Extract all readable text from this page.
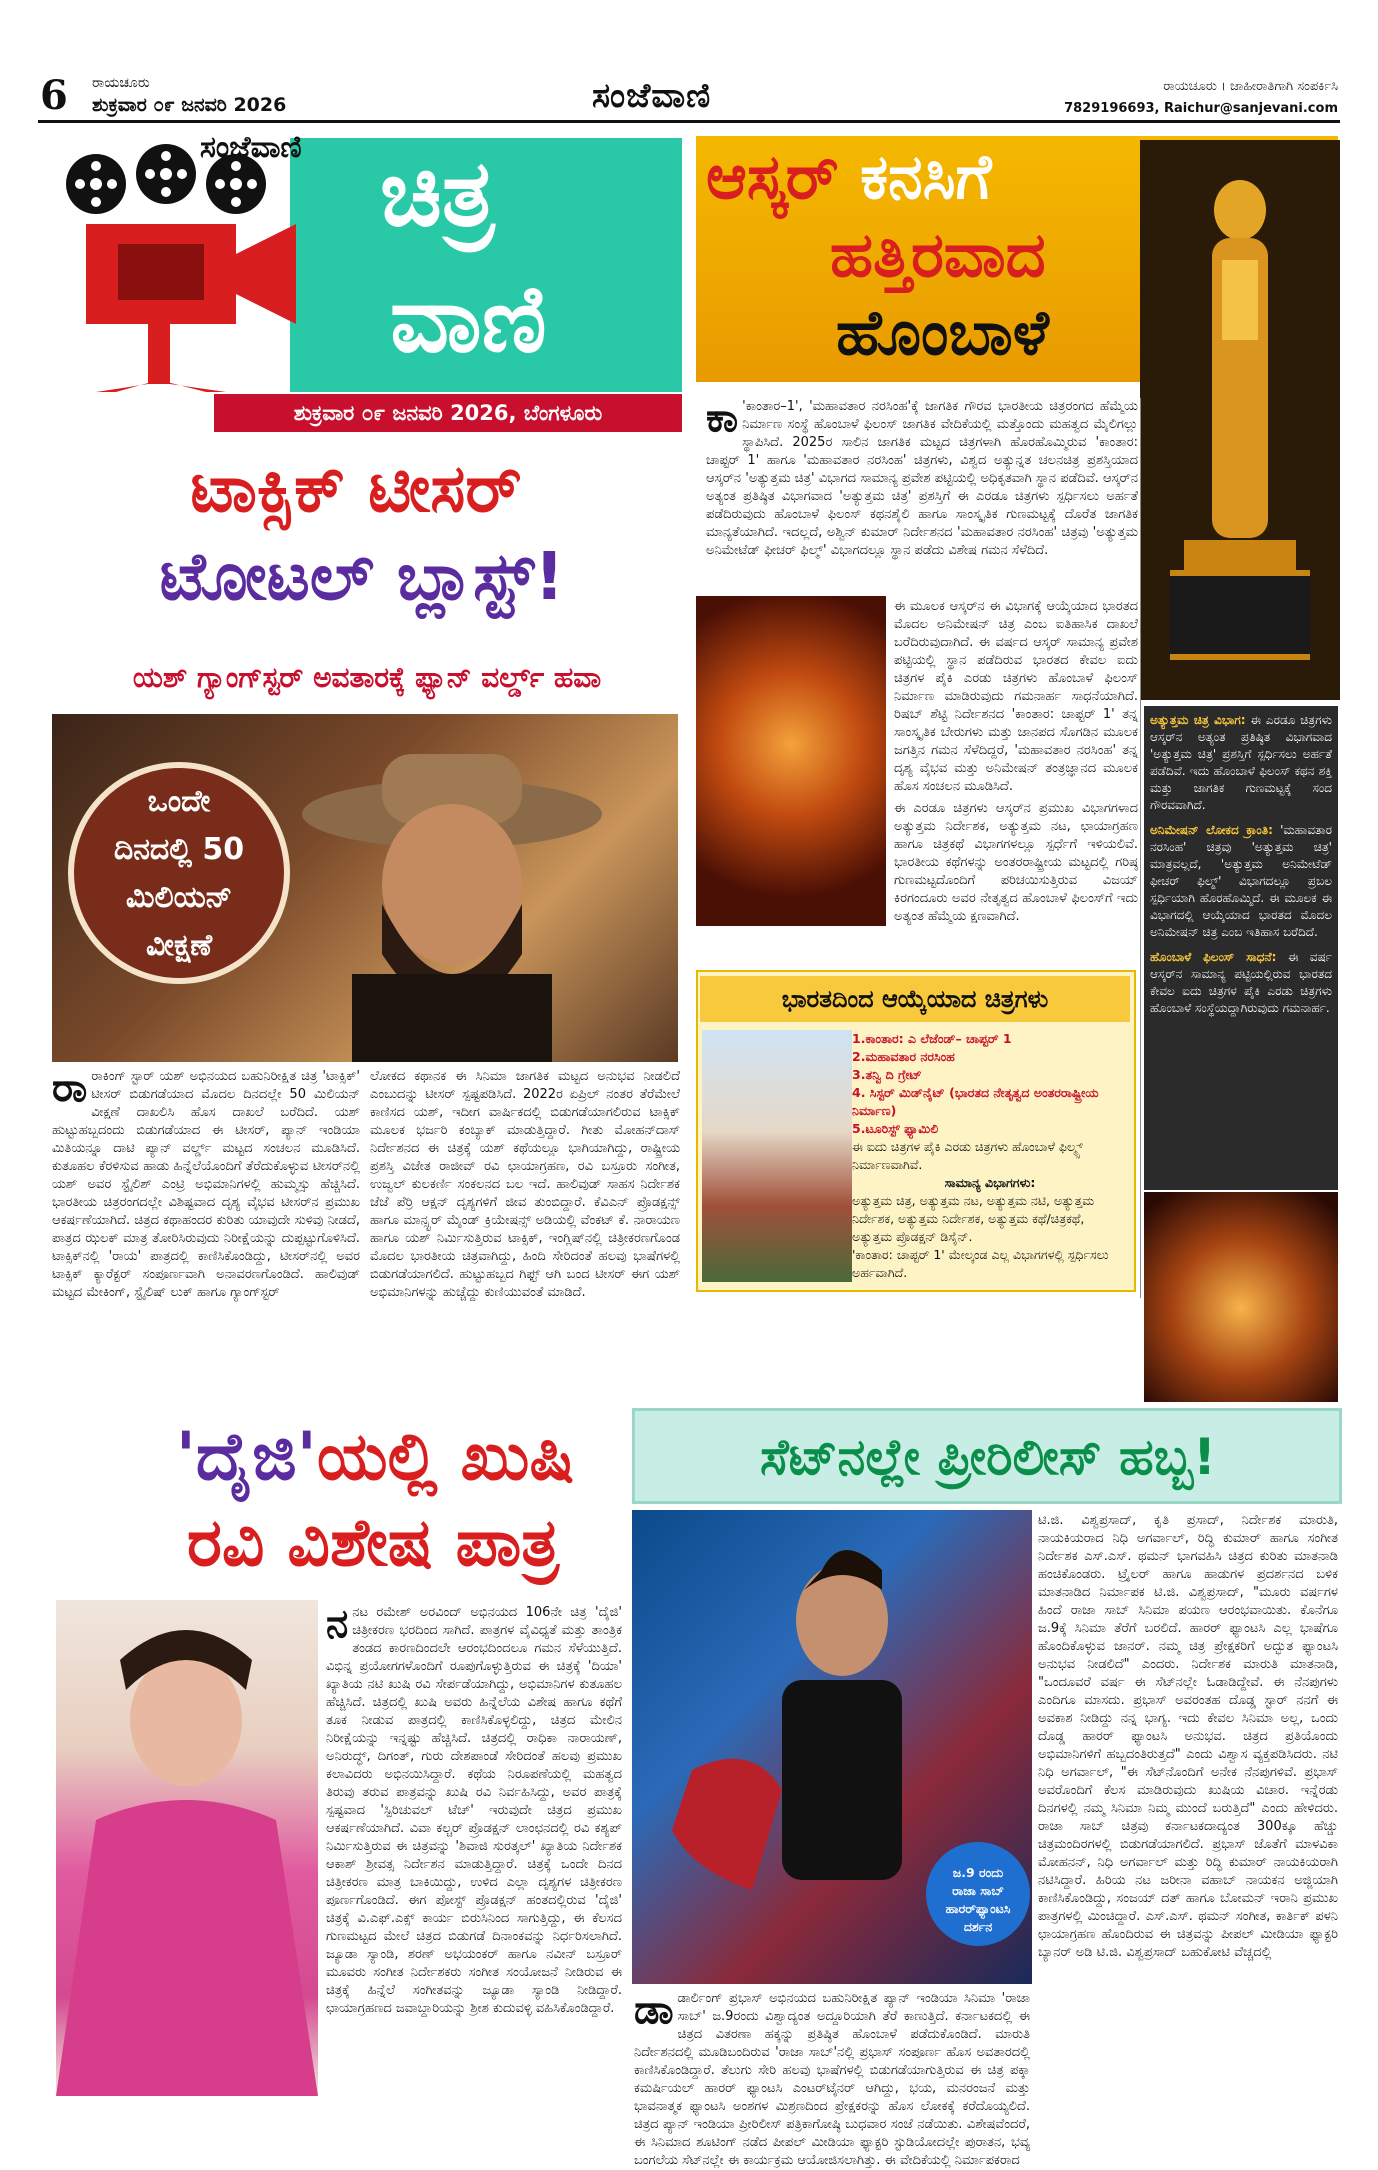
6 ರಾಯಚೂರು
ಶುಕ್ರವಾರ ೦೯ ಜನವರಿ 2026	ಸಂಜೆವಾಣಿ	ರಾಯಚೂರು । ಜಾಹೀರಾತಿಗಾಗಿ ಸಂಪರ್ಕಿಸಿ
7829196693, Raichur@sanjevani.com
ಸಂಜೆವಾಣಿ ಚಿತ್ರ
ವಾಣಿ
ಶುಕ್ರವಾರ ೦೯ ಜನವರಿ 2026, ಬೆಂಗಳೂರು
ಆಸ್ಕರ್ ಕನಸಿಗೆ
ಹತ್ತಿರವಾದ
ಹೊಂಬಾಳೆ
ಕಾ 'ಕಾಂತಾರ–1', 'ಮಹಾವತಾರ ನರಸಿಂಹ'ಕ್ಕೆ ಜಾಗತಿಕ ಗೌರವ ಭಾರತೀಯ ಚಿತ್ರರಂಗದ ಹೆಮ್ಮೆಯ ನಿರ್ಮಾಣ ಸಂಸ್ಥೆ ಹೊಂಬಾಳೆ ಫಿಲಂಸ್ ಜಾಗತಿಕ ವೇದಿಕೆಯಲ್ಲಿ ಮತ್ತೊಂದು ಮಹತ್ವದ ಮೈಲಿಗಲ್ಲು ಸ್ಥಾಪಿಸಿದೆ. 2025ರ ಸಾಲಿನ ಜಾಗತಿಕ ಮಟ್ಟದ ಚಿತ್ರಗಳಾಗಿ ಹೊರಹೊಮ್ಮಿರುವ 'ಕಾಂತಾರ: ಚಾಪ್ಟರ್ 1' ಹಾಗೂ 'ಮಹಾವತಾರ ನರಸಿಂಹ' ಚಿತ್ರಗಳು, ವಿಶ್ವದ ಅತ್ಯುನ್ನತ ಚಲನಚಿತ್ರ ಪ್ರಶಸ್ತಿಯಾದ ಆಸ್ಕರ್‌ನ 'ಅತ್ಯುತ್ತಮ ಚಿತ್ರ' ವಿಭಾಗದ ಸಾಮಾನ್ಯ ಪ್ರವೇಶ ಪಟ್ಟಿಯಲ್ಲಿ ಅಧಿಕೃತವಾಗಿ ಸ್ಥಾನ ಪಡೆದಿವೆ. ಆಸ್ಕರ್‌ನ ಅತ್ಯಂತ ಪ್ರತಿಷ್ಠಿತ ವಿಭಾಗವಾದ 'ಅತ್ಯುತ್ತಮ ಚಿತ್ರ' ಪ್ರಶಸ್ತಿಗೆ ಈ ಎರಡೂ ಚಿತ್ರಗಳು ಸ್ಪರ್ಧಿಸಲು ಅರ್ಹತೆ ಪಡೆದಿರುವುದು ಹೊಂಬಾಳೆ ಫಿಲಂಸ್ ಕಥನಶೈಲಿ ಹಾಗೂ ಸಾಂಸ್ಕೃತಿಕ ಗುಣಮಟ್ಟಕ್ಕೆ ದೊರೆತ ಜಾಗತಿಕ ಮಾನ್ಯತೆಯಾಗಿದೆ. ಇದಲ್ಲದೆ, ಅಶ್ವಿನ್ ಕುಮಾರ್ ನಿರ್ದೇಶನದ 'ಮಹಾವತಾರ ನರಸಿಂಹ' ಚಿತ್ರವು 'ಅತ್ಯುತ್ತಮ ಅನಿಮೇಟೆಡ್ ಫೀಚರ್ ಫಿಲ್ಮ್' ವಿಭಾಗದಲ್ಲೂ ಸ್ಥಾನ ಪಡೆದು ವಿಶೇಷ ಗಮನ ಸೆಳೆದಿದೆ.

ಈ ಮೂಲಕ ಆಸ್ಕರ್‌ನ ಈ ವಿಭಾಗಕ್ಕೆ ಆಯ್ಕೆಯಾದ ಭಾರತದ ಮೊದಲ ಅನಿಮೇಷನ್ ಚಿತ್ರ ಎಂಬ ಐತಿಹಾಸಿಕ ದಾಖಲೆ ಬರೆದಿರುವುದಾಗಿದೆ. ಈ ವರ್ಷದ ಆಸ್ಕರ್ ಸಾಮಾನ್ಯ ಪ್ರವೇಶ ಪಟ್ಟಿಯಲ್ಲಿ ಸ್ಥಾನ ಪಡೆದಿರುವ ಭಾರತದ ಕೇವಲ ಐದು ಚಿತ್ರಗಳ ಪೈಕಿ ಎರಡು ಚಿತ್ರಗಳು ಹೊಂಬಾಳೆ ಫಿಲಂಸ್ ನಿರ್ಮಾಣ ಮಾಡಿರುವುದು ಗಮನಾರ್ಹ ಸಾಧನೆಯಾಗಿದೆ. ರಿಷಬ್ ಶೆಟ್ಟಿ ನಿರ್ದೇಶನದ 'ಕಾಂತಾರ: ಚಾಪ್ಟರ್ 1' ತನ್ನ ಸಾಂಸ್ಕೃತಿಕ ಬೇರುಗಳು ಮತ್ತು ಜಾನಪದ ಸೊಗಡಿನ ಮೂಲಕ ಜಗತ್ತಿನ ಗಮನ ಸೆಳೆದಿದ್ದರೆ, 'ಮಹಾವತಾರ ನರಸಿಂಹ' ತನ್ನ ದೃಶ್ಯ ವೈಭವ ಮತ್ತು ಅನಿಮೇಷನ್ ತಂತ್ರಜ್ಞಾನದ ಮೂಲಕ ಹೊಸ ಸಂಚಲನ ಮೂಡಿಸಿದೆ.

ಈ ಎರಡೂ ಚಿತ್ರಗಳು ಆಸ್ಕರ್‌ನ ಪ್ರಮುಖ ವಿಭಾಗಗಳಾದ ಅತ್ಯುತ್ತಮ ನಿರ್ದೇಶಕ, ಅತ್ಯುತ್ತಮ ನಟ, ಛಾಯಾಗ್ರಹಣ ಹಾಗೂ ಚಿತ್ರಕಥೆ ವಿಭಾಗಗಳಲ್ಲೂ ಸ್ಪರ್ಧೆಗೆ ಇಳಿಯಲಿವೆ. ಭಾರತೀಯ ಕಥೆಗಳನ್ನು ಅಂತರರಾಷ್ಟ್ರೀಯ ಮಟ್ಟದಲ್ಲಿ ಗರಿಷ್ಠ ಗುಣಮಟ್ಟದೊಂದಿಗೆ ಪರಿಚಯಿಸುತ್ತಿರುವ ವಿಜಯ್ ಕಿರಗಂದೂರು ಅವರ ನೇತೃತ್ವದ ಹೊಂಬಾಳೆ ಫಿಲಂಸ್‌ಗೆ ಇದು ಅತ್ಯಂತ ಹೆಮ್ಮೆಯ ಕ್ಷಣವಾಗಿದೆ.

ಅತ್ಯುತ್ತಮ ಚಿತ್ರ ವಿಭಾಗ: ಈ ಎರಡೂ ಚಿತ್ರಗಳು ಆಸ್ಕರ್‌ನ ಅತ್ಯಂತ ಪ್ರತಿಷ್ಠಿತ ವಿಭಾಗವಾದ 'ಅತ್ಯುತ್ತಮ ಚಿತ್ರ' ಪ್ರಶಸ್ತಿಗೆ ಸ್ಪರ್ಧಿಸಲು ಅರ್ಹತೆ ಪಡೆದಿವೆ. ಇದು ಹೊಂಬಾಳೆ ಫಿಲಂಸ್ ಕಥನ ಶಕ್ತಿ ಮತ್ತು ಜಾಗತಿಕ ಗುಣಮಟ್ಟಕ್ಕೆ ಸಂದ ಗೌರವವಾಗಿದೆ.

ಅನಿಮೇಷನ್ ಲೋಕದ ಕ್ರಾಂತಿ: 'ಮಹಾವತಾರ ನರಸಿಂಹ' ಚಿತ್ರವು 'ಅತ್ಯುತ್ತಮ ಚಿತ್ರ' ಮಾತ್ರವಲ್ಲದೆ, 'ಅತ್ಯುತ್ತಮ ಅನಿಮೇಟೆಡ್ ಫೀಚರ್ ಫಿಲ್ಮ್' ವಿಭಾಗದಲ್ಲೂ ಪ್ರಬಲ ಸ್ಪರ್ಧಿಯಾಗಿ ಹೊರಹೊಮ್ಮಿದೆ. ಈ ಮೂಲಕ ಈ ವಿಭಾಗದಲ್ಲಿ ಆಯ್ಕೆಯಾದ ಭಾರತದ ಮೊದಲ ಅನಿಮೇಷನ್ ಚಿತ್ರ ಎಂಬ ಇತಿಹಾಸ ಬರೆದಿದೆ.

ಹೊಂಬಾಳೆ ಫಿಲಂಸ್ ಸಾಧನೆ: ಈ ವರ್ಷ ಆಸ್ಕರ್‌ನ ಸಾಮಾನ್ಯ ಪಟ್ಟಿಯಲ್ಲಿರುವ ಭಾರತದ ಕೇವಲ ಐದು ಚಿತ್ರಗಳ ಪೈಕಿ ಎರಡು ಚಿತ್ರಗಳು ಹೊಂಬಾಳೆ ಸಂಸ್ಥೆಯದ್ದಾಗಿರುವುದು ಗಮನಾರ್ಹ.

ಭಾರತದಿಂದ ಆಯ್ಕೆಯಾದ ಚಿತ್ರಗಳು
1.ಕಾಂತಾರ: ಎ ಲೆಜೆಂಡ್– ಚಾಪ್ಟರ್ 1
2.ಮಹಾವತಾರ ನರಸಿಂಹ
3.ತನ್ವಿ ದಿ ಗ್ರೇಟ್
4. ಸಿಸ್ಟರ್ ಮಿಡ್‌ನೈಟ್ (ಭಾರತದ ನೇತೃತ್ವದ ಅಂತರರಾಷ್ಟ್ರೀಯ ನಿರ್ಮಾಣ)
5.ಟೂರಿಸ್ಟ್ ಫ್ಯಾಮಿಲಿ
ಈ ಐದು ಚಿತ್ರಗಳ ಪೈಕಿ ಎರಡು ಚಿತ್ರಗಳು ಹೊಂಬಾಳೆ ಫಿಲ್ಮ್ಸ್ ನಿರ್ಮಾಣವಾಗಿವೆ.
ಸಾಮಾನ್ಯ ವಿಭಾಗಗಳು:
ಅತ್ಯುತ್ತಮ ಚಿತ್ರ, ಅತ್ಯುತ್ತಮ ನಟ, ಅತ್ಯುತ್ತಮ ನಟಿ, ಅತ್ಯುತ್ತಮ ನಿರ್ದೇಶಕ, ಅತ್ಯುತ್ತಮ ನಿರ್ದೇಶಕ, ಅತ್ಯುತ್ತಮ ಕಥೆ/ಚಿತ್ರಕಥೆ, ಅತ್ಯುತ್ತಮ ಪ್ರೊಡಕ್ಷನ್ ಡಿಸೈನ್.
'ಕಾಂತಾರ: ಚಾಪ್ಟರ್ 1' ಮೇಲ್ಕಂಡ ಎಲ್ಲ ವಿಭಾಗಗಳಲ್ಲಿ ಸ್ಪರ್ಧಿಸಲು ಅರ್ಹವಾಗಿದೆ.
ಟಾಕ್ಸಿಕ್ ಟೀಸರ್
ಟೋಟಲ್ ಬ್ಲಾಸ್ಟ್!
ಯಶ್ ಗ್ಯಾಂಗ್‌ಸ್ಟರ್ ಅವತಾರಕ್ಕೆ ಫ್ಯಾನ್ ವರ್ಲ್ಡ್ ಹವಾ
ಒಂದೇ
ದಿನದಲ್ಲಿ 50
ಮಿಲಿಯನ್
ವೀಕ್ಷಣೆ
ರಾರಾಕಿಂಗ್ ಸ್ಟಾರ್ ಯಶ್ ಅಭಿನಯದ ಬಹುನಿರೀಕ್ಷಿತ ಚಿತ್ರ 'ಟಾಕ್ಸಿಕ್' ಟೀಸರ್ ಬಿಡುಗಡೆಯಾದ ಮೊದಲ ದಿನದಲ್ಲೇ 50 ಮಿಲಿಯನ್ ವೀಕ್ಷಣೆ ದಾಖಲಿಸಿ ಹೊಸ ದಾಖಲೆ ಬರೆದಿದೆ. ಯಶ್ ಹುಟ್ಟುಹಬ್ಬದಂದು ಬಿಡುಗಡೆಯಾದ ಈ ಟೀಸರ್, ಪ್ಯಾನ್ ಇಂಡಿಯಾ ಮಿತಿಯನ್ನೂ ದಾಟಿ ಪ್ಯಾನ್ ವರ್ಲ್ಡ್ ಮಟ್ಟದ ಸಂಚಲನ ಮೂಡಿಸಿದೆ. ಕುತೂಹಲ ಕೆರಳಿಸುವ ಹಾಡು ಹಿನ್ನೆಲೆಯೊಂದಿಗೆ ತೆರೆದುಕೊಳ್ಳುವ ಟೀಸರ್‌ನಲ್ಲಿ ಯಶ್ ಅವರ ಸ್ಟೈಲಿಶ್ ಎಂಟ್ರಿ ಅಭಿಮಾನಿಗಳಲ್ಲಿ ಹುಮ್ಮಸ್ಸು ಹೆಚ್ಚಿಸಿದೆ. ಭಾರತೀಯ ಚಿತ್ರರಂಗದಲ್ಲೇ ವಿಶಿಷ್ಟವಾದ ದೃಶ್ಯ ವೈಭವ ಟೀಸರ್‌ನ ಪ್ರಮುಖ ಆಕರ್ಷಣೆಯಾಗಿದೆ. ಚಿತ್ರದ ಕಥಾಹಂದರ ಕುರಿತು ಯಾವುದೇ ಸುಳಿವು ನೀಡದೆ, ಪಾತ್ರದ ಝಲಕ್ ಮಾತ್ರ ತೋರಿಸಿರುವುದು ನಿರೀಕ್ಷೆಯನ್ನು ದುಪ್ಪಟ್ಟುಗೊಳಿಸಿದೆ. ಟಾಕ್ಸಿಕ್‌ನಲ್ಲಿ 'ರಾಯ' ಪಾತ್ರದಲ್ಲಿ ಕಾಣಿಸಿಕೊಂಡಿದ್ದು, ಟೀಸರ್‌ನಲ್ಲಿ ಅವರ ಟಾಕ್ಸಿಕ್ ಕ್ಯಾರೆಕ್ಟರ್ ಸಂಪೂರ್ಣವಾಗಿ ಅನಾವರಣಗೊಂಡಿದೆ. ಹಾಲಿವುಡ್ ಮಟ್ಟದ ಮೇಕಿಂಗ್, ಸ್ಟೈಲಿಷ್ ಲುಕ್ ಹಾಗೂ ಗ್ಯಾಂಗ್‌ಸ್ಟರ್
ಲೋಕದ ಕಥಾನಕ ಈ ಸಿನಿಮಾ ಜಾಗತಿಕ ಮಟ್ಟದ ಅನುಭವ ನೀಡಲಿದೆ ಎಂಬುದನ್ನು ಟೀಸರ್ ಸ್ಪಷ್ಟಪಡಿಸಿದೆ. 2022ರ ಏಪ್ರಿಲ್ ನಂತರ ತೆರೆಮೇಲೆ ಕಾಣಿಸದ ಯಶ್, ಇದೀಗ ವಾರ್ಷಿಕದಲ್ಲಿ ಬಿಡುಗಡೆಯಾಗಲಿರುವ ಟಾಕ್ಸಿಕ್ ಮೂಲಕ ಭರ್ಜರಿ ಕಂಬ್ಯಾಕ್ ಮಾಡುತ್ತಿದ್ದಾರೆ. ಗೀತು ಮೋಹನ್‌ದಾಸ್ ನಿರ್ದೇಶನದ ಈ ಚಿತ್ರಕ್ಕೆ ಯಶ್ ಕಥೆಯಲ್ಲೂ ಭಾಗಿಯಾಗಿದ್ದು, ರಾಷ್ಟ್ರೀಯ ಪ್ರಶಸ್ತಿ ವಿಜೇತ ರಾಜೀವ್ ರವಿ ಛಾಯಾಗ್ರಹಣ, ರವಿ ಬಸ್ರೂರು ಸಂಗೀತ, ಉಜ್ವಲ್ ಕುಲಕರ್ಣಿ ಸಂಕಲನದ ಬಲ ಇದೆ. ಹಾಲಿವುಡ್ ಸಾಹಸ ನಿರ್ದೇಶಕ ಜೆಜೆ ಪೆರ್ರಿ ಆಕ್ಷನ್ ದೃಶ್ಯಗಳಿಗೆ ಜೀವ ತುಂಬಿದ್ದಾರೆ. ಕೆವಿಎನ್ ಪ್ರೊಡಕ್ಷನ್ಸ್ ಹಾಗೂ ಮಾನ್ಸ್ಟರ್ ಮೈಂಡ್ ಕ್ರಿಯೇಷನ್ಸ್ ಅಡಿಯಲ್ಲಿ ವೆಂಕಟ್ ಕೆ. ನಾರಾಯಣ ಹಾಗೂ ಯಶ್ ನಿರ್ಮಿಸುತ್ತಿರುವ ಟಾಕ್ಸಿಕ್, ಇಂಗ್ಲಿಷ್‌ನಲ್ಲಿ ಚಿತ್ರೀಕರಣಗೊಂಡ ಮೊದಲ ಭಾರತೀಯ ಚಿತ್ರವಾಗಿದ್ದು, ಹಿಂದಿ ಸೇರಿದಂತೆ ಹಲವು ಭಾಷೆಗಳಲ್ಲಿ ಬಿಡುಗಡೆಯಾಗಲಿದೆ. ಹುಟ್ಟುಹಬ್ಬದ ಗಿಫ್ಟ್ ಆಗಿ ಬಂದ ಟೀಸರ್ ಈಗ ಯಶ್ ಅಭಿಮಾನಿಗಳನ್ನು ಹುಚ್ಚೆದ್ದು ಕುಣಿಯುವಂತೆ ಮಾಡಿದೆ.
'ದೈಜಿ'ಯಲ್ಲಿ ಖುಷಿ
ರವಿ ವಿಶೇಷ ಪಾತ್ರ
ನನಟ ರಮೇಶ್ ಅರವಿಂದ್ ಅಭಿನಯದ 106ನೇ ಚಿತ್ರ 'ದೈಜಿ' ಚಿತ್ರೀಕರಣ ಭರದಿಂದ ಸಾಗಿದೆ. ಪಾತ್ರಗಳ ವೈವಿಧ್ಯತೆ ಮತ್ತು ತಾಂತ್ರಿಕ ತಂಡದ ಕಾರಣದಿಂದಲೇ ಆರಂಭದಿಂದಲೂ ಗಮನ ಸೆಳೆಯುತ್ತಿದೆ. ವಿಭಿನ್ನ ಪ್ರಯೋಗಗಳೊಂದಿಗೆ ರೂಪುಗೊಳ್ಳುತ್ತಿರುವ ಈ ಚಿತ್ರಕ್ಕೆ 'ದಿಯಾ' ಖ್ಯಾತಿಯ ನಟಿ ಖುಷಿ ರವಿ ಸೇರ್ಪಡೆಯಾಗಿದ್ದು, ಅಭಿಮಾನಿಗಳ ಕುತೂಹಲ ಹೆಚ್ಚಿಸಿದೆ. ಚಿತ್ರದಲ್ಲಿ ಖುಷಿ ಅವರು ಹಿನ್ನೆಲೆಯ ವಿಶೇಷ ಹಾಗೂ ಕಥೆಗೆ ತೂಕ ನೀಡುವ ಪಾತ್ರದಲ್ಲಿ ಕಾಣಿಸಿಕೊಳ್ಳಲಿದ್ದು, ಚಿತ್ರದ ಮೇಲಿನ ನಿರೀಕ್ಷೆಯನ್ನು ಇನ್ನಷ್ಟು ಹೆಚ್ಚಿಸಿದೆ. ಚಿತ್ರದಲ್ಲಿ ರಾಧಿಕಾ ನಾರಾಯಣ್, ಅನಿರುದ್ಧ್, ದಿಗಂತ್, ಗುರು ದೇಶಪಾಂಡೆ ಸೇರಿದಂತೆ ಹಲವು ಪ್ರಮುಖ ಕಲಾವಿದರು ಅಭಿನಯಿಸಿದ್ದಾರೆ. ಕಥೆಯ ನಿರೂಪಣೆಯಲ್ಲಿ ಮಹತ್ವದ ತಿರುವು ತರುವ ಪಾತ್ರವನ್ನು ಖುಷಿ ರವಿ ನಿರ್ವಹಿಸಿದ್ದು, ಅವರ ಪಾತ್ರಕ್ಕೆ ಸ್ಪಷ್ಟವಾದ 'ಸ್ಪಿರಿಚುವಲ್ ಟೆಚ್' ಇರುವುದೇ ಚಿತ್ರದ ಪ್ರಮುಖ ಆಕರ್ಷಣೆಯಾಗಿದೆ. ವಿವಾ ಕಲ್ಚರ್ ಪ್ರೊಡಕ್ಷನ್ ಲಾಂಛನದಲ್ಲಿ ರವಿ ಕಶ್ಯಪ್ ನಿರ್ಮಿಸುತ್ತಿರುವ ಈ ಚಿತ್ರವನ್ನು 'ಶಿವಾಜಿ ಸುರತ್ಕಲ್' ಖ್ಯಾತಿಯ ನಿರ್ದೇಶಕ ಆಕಾಶ್ ಶ್ರೀವತ್ಸ ನಿರ್ದೇಶನ ಮಾಡುತ್ತಿದ್ದಾರೆ. ಚಿತ್ರಕ್ಕೆ ಒಂದೇ ದಿನದ ಚಿತ್ರೀಕರಣ ಮಾತ್ರ ಬಾಕಿಯಿದ್ದು, ಉಳಿದ ಎಲ್ಲಾ ದೃಶ್ಯಗಳ ಚಿತ್ರೀಕರಣ ಪೂರ್ಣಗೊಂಡಿದೆ. ಈಗ ಪೋಸ್ಟ್ ಪ್ರೊಡಕ್ಷನ್ ಹಂತದಲ್ಲಿರುವ 'ದೈಜಿ' ಚಿತ್ರಕ್ಕೆ ವಿ.ಎಫ್.ಎಕ್ಸ್ ಕಾರ್ಯ ಬಿರುಸಿನಿಂದ ಸಾಗುತ್ತಿದ್ದು, ಈ ಕೆಲಸದ ಗುಣಮಟ್ಟದ ಮೇಲೆ ಚಿತ್ರದ ಬಿಡುಗಡೆ ದಿನಾಂಕವನ್ನು ನಿರ್ಧರಿಸಲಾಗಿದೆ. ಜ್ಯೂಡಾ ಸ್ಯಾಂಡಿ, ಶರಣ್ ಅಭಯಂಕರ್ ಹಾಗೂ ನವೀನ್ ಬಸ್ರೂರ್ ಮೂವರು ಸಂಗೀತ ನಿರ್ದೇಶಕರು ಸಂಗೀತ ಸಂಯೋಜನೆ ನೀಡಿರುವ ಈ ಚಿತ್ರಕ್ಕೆ ಹಿನ್ನೆಲೆ ಸಂಗೀತವನ್ನು ಜ್ಯೂಡಾ ಸ್ಯಾಂಡಿ ನೀಡಿದ್ದಾರೆ. ಛಾಯಾಗ್ರಹಣದ ಜವಾಬ್ದಾರಿಯನ್ನು ಶ್ರೀಶ ಕುದುವಳ್ಳಿ ವಹಿಸಿಕೊಂಡಿದ್ದಾರೆ.
ಸೆಟ್‌ನಲ್ಲೇ ಪ್ರೀರಿಲೀಸ್ ಹಬ್ಬ!
ಜ.9 ರಂದು
ರಾಜಾ ಸಾಬ್
ಹಾರರ್‌ಫ್ಯಾಂಟಸಿ
ದರ್ಶನ
ಟಿ.ಜಿ. ವಿಶ್ವಪ್ರಸಾದ್, ಕೃತಿ ಪ್ರಸಾದ್, ನಿರ್ದೇಶಕ ಮಾರುತಿ, ನಾಯಕಿಯರಾದ ನಿಧಿ ಅಗರ್ವಾಲ್, ರಿದ್ಧಿ ಕುಮಾರ್ ಹಾಗೂ ಸಂಗೀತ ನಿರ್ದೇಶಕ ಎಸ್.ಎಸ್. ಥಮನ್ ಭಾಗವಹಿಸಿ ಚಿತ್ರದ ಕುರಿತು ಮಾತನಾಡಿ ಹಂಚಿಕೊಂಡರು. ಟ್ರೈಲರ್ ಹಾಗೂ ಹಾಡುಗಳ ಪ್ರದರ್ಶನದ ಬಳಿಕ ಮಾತನಾಡಿದ ನಿರ್ಮಾಪಕ ಟಿ.ಜಿ. ವಿಶ್ವಪ್ರಸಾದ್, "ಮೂರು ವರ್ಷಗಳ ಹಿಂದೆ ರಾಜಾ ಸಾಬ್ ಸಿನಿಮಾ ಪಯಣ ಆರಂಭವಾಯಿತು. ಕೊನೆಗೂ ಜ.9ಕ್ಕೆ ಸಿನಿಮಾ ತೆರೆಗೆ ಬರಲಿದೆ. ಹಾರರ್ ಫ್ಯಾಂಟಸಿ ಎಲ್ಲ ಭಾಷೆಗೂ ಹೊಂದಿಕೊಳ್ಳುವ ಜಾನರ್. ನಮ್ಮ ಚಿತ್ರ ಪ್ರೇಕ್ಷಕರಿಗೆ ಅದ್ಭುತ ಫ್ಯಾಂಟಸಿ ಅನುಭವ ನೀಡಲಿದೆ" ಎಂದರು. ನಿರ್ದೇಶಕ ಮಾರುತಿ ಮಾತನಾಡಿ, "ಒಂದೂವರೆ ವರ್ಷ ಈ ಸೆಟ್‌ನಲ್ಲೇ ಓಡಾಡಿದ್ದೇವೆ. ಈ ನೆನಪುಗಳು ಎಂದಿಗೂ ಮಾಸದು. ಪ್ರಭಾಸ್ ಅವರಂತಹ ದೊಡ್ಡ ಸ್ಟಾರ್ ನನಗೆ ಈ ಅವಕಾಶ ನೀಡಿದ್ದು ನನ್ನ ಭಾಗ್ಯ. ಇದು ಕೇವಲ ಸಿನಿಮಾ ಅಲ್ಲ, ಒಂದು ದೊಡ್ಡ ಹಾರರ್ ಫ್ಯಾಂಟಸಿ ಅನುಭವ. ಚಿತ್ರದ ಪ್ರತಿಯೊಂದು ಅಭಿಮಾನಿಗಳಿಗೆ ಹಬ್ಬದಂತಿರುತ್ತದೆ" ಎಂದು ವಿಶ್ವಾಸ ವ್ಯಕ್ತಪಡಿಸಿದರು. ನಟಿ ನಿಧಿ ಅಗರ್ವಾಲ್, "ಈ ಸೆಟ್‌ನೊಂದಿಗೆ ಅನೇಕ ನೆನಪುಗಳಿವೆ. ಪ್ರಭಾಸ್ ಅವರೊಂದಿಗೆ ಕೆಲಸ ಮಾಡಿರುವುದು ಖುಷಿಯ ವಿಚಾರ. ಇನ್ನೆರಡು ದಿನಗಳಲ್ಲಿ ನಮ್ಮ ಸಿನಿಮಾ ನಿಮ್ಮ ಮುಂದೆ ಬರುತ್ತಿದೆ" ಎಂದು ಹೇಳಿದರು. ರಾಜಾ ಸಾಬ್ ಚಿತ್ರವು ಕರ್ನಾಟಕದಾದ್ಯಂತ 300ಕ್ಕೂ ಹೆಚ್ಚು ಚಿತ್ರಮಂದಿರಗಳಲ್ಲಿ ಬಿಡುಗಡೆಯಾಗಲಿದೆ. ಪ್ರಭಾಸ್ ಜೊತೆಗೆ ಮಾಳವಿಕಾ ಮೋಹನನ್, ನಿಧಿ ಅಗರ್ವಾಲ್ ಮತ್ತು ರಿದ್ಧಿ ಕುಮಾರ್ ನಾಯಕಿಯರಾಗಿ ನಟಿಸಿದ್ದಾರೆ. ಹಿರಿಯ ನಟ ಜರೀನಾ ವಹಾಬ್ ನಾಯಕನ ಅಜ್ಜಿಯಾಗಿ ಕಾಣಿಸಿಕೊಂಡಿದ್ದು, ಸಂಜಯ್ ದತ್ ಹಾಗೂ ಬೋಮನ್ ಇರಾನಿ ಪ್ರಮುಖ ಪಾತ್ರಗಳಲ್ಲಿ ಮಿಂಚಿದ್ದಾರೆ. ಎಸ್.ಎಸ್. ಥಮನ್ ಸಂಗೀತ, ಕಾರ್ತಿಕ್ ಪಳನಿ ಛಾಯಾಗ್ರಹಣ ಹೊಂದಿರುವ ಈ ಚಿತ್ರವನ್ನು ಪೀಪಲ್ ಮೀಡಿಯಾ ಫ್ಯಾಕ್ಟರಿ ಬ್ಯಾನರ್ ಅಡಿ ಟಿ.ಜಿ. ವಿಶ್ವಪ್ರಸಾದ್ ಬಹುಕೋಟಿ ವೆಚ್ಚದಲ್ಲಿ
ಡಾಡಾರ್ಲಿಂಗ್ ಪ್ರಭಾಸ್ ಅಭಿನಯದ ಬಹುನಿರೀಕ್ಷಿತ ಪ್ಯಾನ್ ಇಂಡಿಯಾ ಸಿನಿಮಾ 'ರಾಜಾ ಸಾಬ್' ಜ.9ರಂದು ವಿಶ್ವಾದ್ಯಂತ ಅದ್ದೂರಿಯಾಗಿ ತೆರೆ ಕಾಣುತ್ತಿದೆ. ಕರ್ನಾಟಕದಲ್ಲಿ ಈ ಚಿತ್ರದ ವಿತರಣಾ ಹಕ್ಕನ್ನು ಪ್ರತಿಷ್ಠಿತ ಹೊಂಬಾಳೆ ಪಡೆದುಕೊಂಡಿದೆ. ಮಾರುತಿ ನಿರ್ದೇಶನದಲ್ಲಿ ಮೂಡಿಬಂದಿರುವ 'ರಾಜಾ ಸಾಬ್'ನಲ್ಲಿ ಪ್ರಭಾಸ್ ಸಂಪೂರ್ಣ ಹೊಸ ಅವತಾರದಲ್ಲಿ ಕಾಣಿಸಿಕೊಂಡಿದ್ದಾರೆ. ತೆಲುಗು ಸೇರಿ ಹಲವು ಭಾಷೆಗಳಲ್ಲಿ ಬಿಡುಗಡೆಯಾಗುತ್ತಿರುವ ಈ ಚಿತ್ರ ಪಕ್ಕಾ ಕಮರ್ಷಿಯಲ್ ಹಾರರ್ ಫ್ಯಾಂಟಸಿ ಎಂಟರ್‌ಟೈನರ್ ಆಗಿದ್ದು, ಭಯ, ಮನರಂಜನೆ ಮತ್ತು ಭಾವನಾತ್ಮಕ ಫ್ಯಾಂಟಸಿ ಅಂಶಗಳ ಮಿಶ್ರಣದಿಂದ ಪ್ರೇಕ್ಷಕರನ್ನು ಹೊಸ ಲೋಕಕ್ಕೆ ಕರೆದೊಯ್ಯಲಿದೆ. ಚಿತ್ರದ ಪ್ಯಾನ್ ಇಂಡಿಯಾ ಪ್ರೀರಿಲೀಸ್ ಪತ್ರಿಕಾಗೋಷ್ಠಿ ಬುಧವಾರ ಸಂಜೆ ನಡೆಯಿತು. ವಿಶೇಷವೆಂದರೆ, ಈ ಸಿನಿಮಾದ ಶೂಟಿಂಗ್ ನಡೆದ ಪೀಪಲ್ ಮೀಡಿಯಾ ಫ್ಯಾಕ್ಟರಿ ಸ್ಟುಡಿಯೋದಲ್ಲೇ ಪುರಾತನ, ಭವ್ಯ ಬಂಗಲೆಯ ಸೆಟ್‌ನಲ್ಲೇ ಈ ಕಾರ್ಯಕ್ರಮ ಆಯೋಜಿಸಲಾಗಿತ್ತು. ಈ ವೇದಿಕೆಯಲ್ಲಿ ನಿರ್ಮಾಪಕರಾದ
